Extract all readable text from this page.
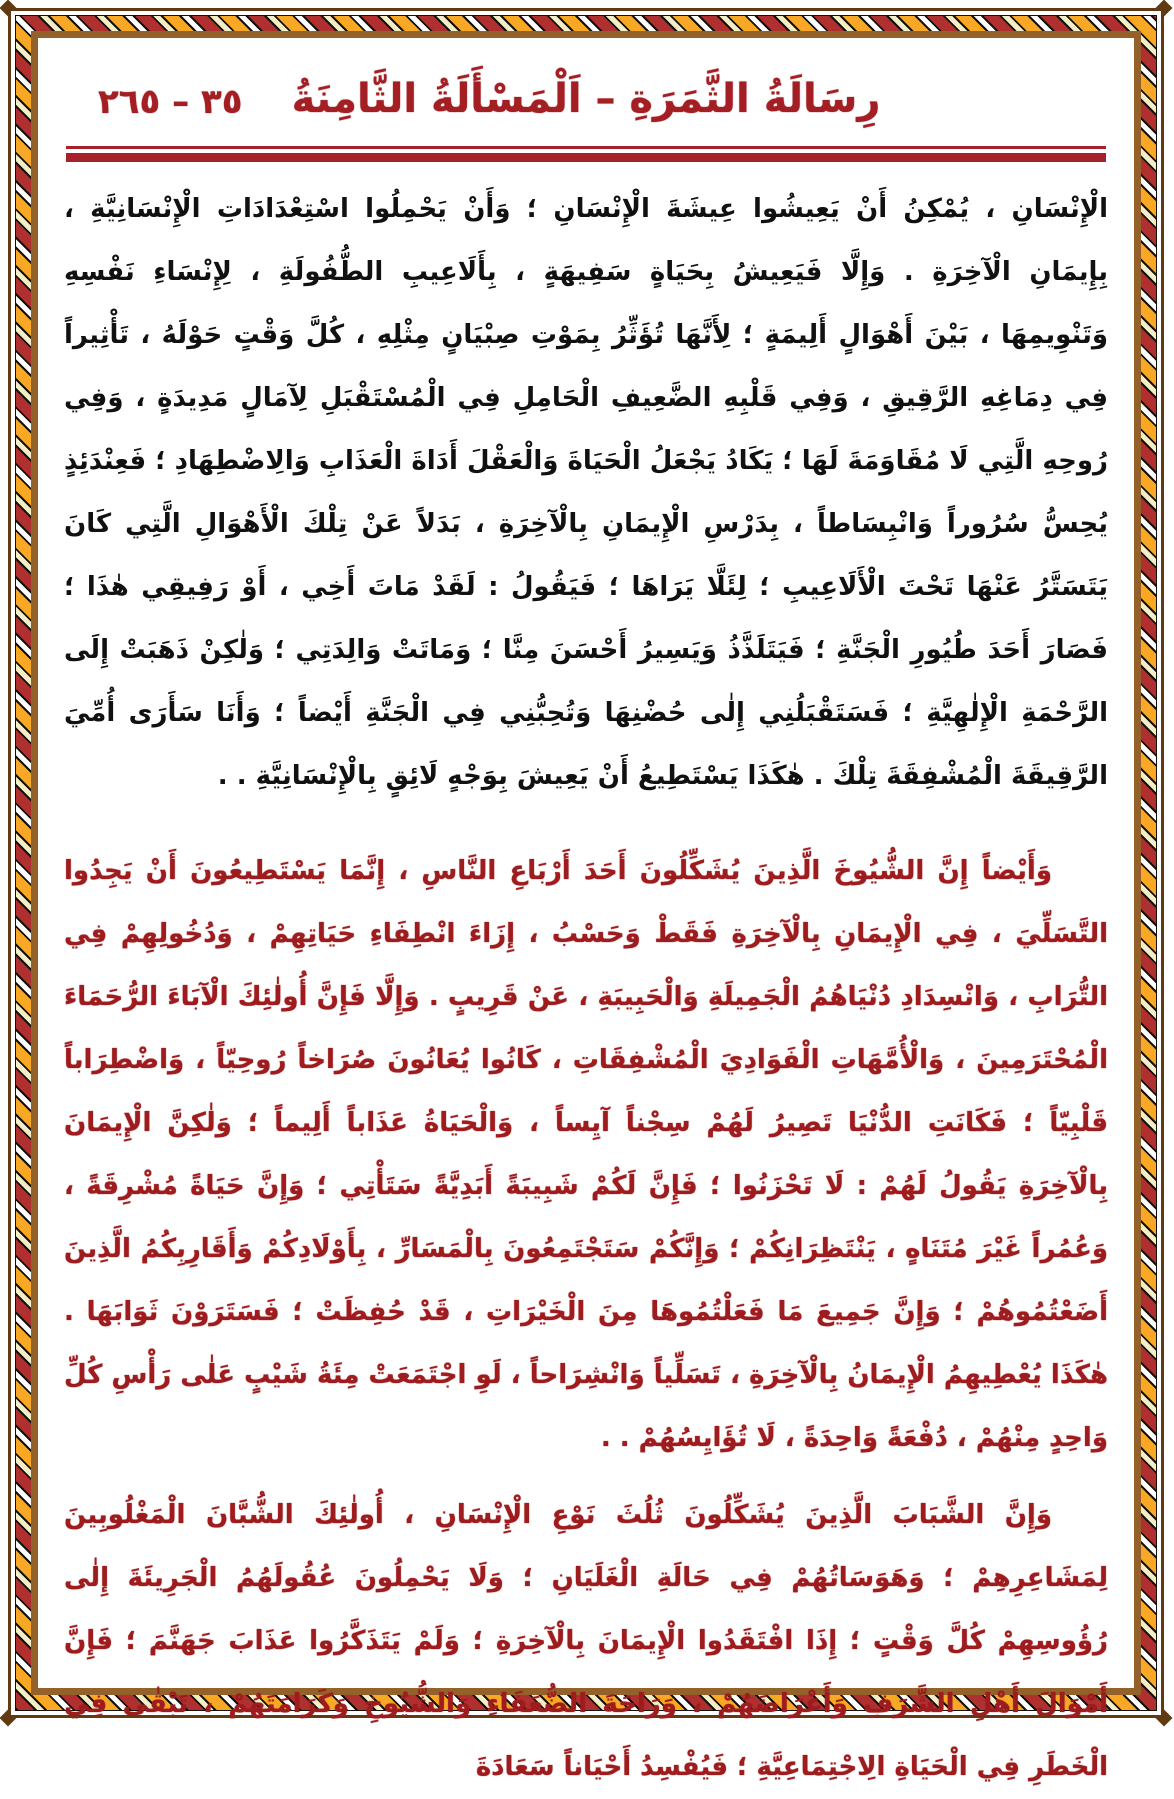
رِسَالَةُ الثَّمَرَةِ – اَلْمَسْأَلَةُ الثَّامِنَةُ
٣٥ – ٢٦٥

الْإِنْسَانِ ، يُمْكِنُ أَنْ يَعِيشُوا عِيشَةَ الْإِنْسَانِ ؛ وَأَنْ يَحْمِلُوا اسْتِعْدَادَاتِ الْإِنْسَانِيَّةِ ، بِإِيمَانِ الْآخِرَةِ . وَإِلَّا فَيَعِيشُ بِحَيَاةٍ سَفِيهَةٍ ، بِأَلَاعِيبِ الطُّفُولَةِ ، لِإِنْسَاءِ نَفْسِهِ وَتَنْوِيمِهَا ، بَيْنَ أَهْوَالٍ أَلِيمَةٍ ؛ لِأَنَّهَا تُؤَثِّرُ بِمَوْتِ صِبْيَانٍ مِثْلِهِ ، كُلَّ وَقْتٍ حَوْلَهُ ، تَأْثِيراً فِي دِمَاغِهِ الرَّقِيقِ ، وَفِي قَلْبِهِ الضَّعِيفِ الْحَامِلِ فِي الْمُسْتَقْبَلِ لِآمَالٍ مَدِيدَةٍ ، وَفِي رُوحِهِ الَّتِي لَا مُقَاوَمَةَ لَهَا ؛ يَكَادُ يَجْعَلُ الْحَيَاةَ وَالْعَقْلَ أَدَاةَ الْعَذَابِ وَالِاضْطِهَادِ ؛ فَعِنْدَئِذٍ يُحِسُّ سُرُوراً وَانْبِسَاطاً ، بِدَرْسِ الْإِيمَانِ بِالْآخِرَةِ ، بَدَلاً عَنْ تِلْكَ الْأَهْوَالِ الَّتِي كَانَ يَتَسَتَّرُ عَنْهَا تَحْتَ الْأَلَاعِيبِ ؛ لِئَلَّا يَرَاهَا ؛ فَيَقُولُ : لَقَدْ مَاتَ أَخِي ، أَوْ رَفِيقِي هٰذَا ؛ فَصَارَ أَحَدَ طُيُورِ الْجَنَّةِ ؛ فَيَتَلَذَّذُ وَيَسِيرُ أَحْسَنَ مِنَّا ؛ وَمَاتَتْ وَالِدَتِي ؛ وَلٰكِنْ ذَهَبَتْ إِلَى الرَّحْمَةِ الْإِلٰهِيَّةِ ؛ فَسَتَقْبَلُنِي إِلٰى حُضْنِهَا وَتُحِبُّنِي فِي الْجَنَّةِ أَيْضاً ؛ وَأَنَا سَأَرَى أُمِّيَ الرَّقِيقَةَ الْمُشْفِقَةَ تِلْكَ . هٰكَذَا يَسْتَطِيعُ أَنْ يَعِيشَ بِوَجْهٍ لَائِقٍ بِالْإِنْسَانِيَّةِ . .

وَأَيْضاً إِنَّ الشُّيُوخَ الَّذِينَ يُشَكِّلُونَ أَحَدَ أَرْبَاعِ النَّاسِ ، إِنَّمَا يَسْتَطِيعُونَ أَنْ يَجِدُوا التَّسَلِّيَ ، فِي الْإِيمَانِ بِالْآخِرَةِ فَقَطْ وَحَسْبُ ، إِزَاءَ انْطِفَاءِ حَيَاتِهِمْ ، وَدُخُولِهِمْ فِي التُّرَابِ ، وَانْسِدَادِ دُنْيَاهُمُ الْجَمِيلَةِ وَالْحَبِيبَةِ ، عَنْ قَرِيبٍ . وَإِلَّا فَإِنَّ أُولٰئِكَ الْآبَاءَ الرُّحَمَاءَ الْمُحْتَرَمِينَ ، وَالْأُمَّهَاتِ الْفَوَادِيَ الْمُشْفِقَاتِ ، كَانُوا يُعَانُونَ صُرَاخاً رُوحِيّاً ، وَاضْطِرَاباً قَلْبِيّاً ؛ فَكَانَتِ الدُّنْيَا تَصِيرُ لَهُمْ سِجْناً آيِساً ، وَالْحَيَاةُ عَذَاباً أَلِيماً ؛ وَلٰكِنَّ الْإِيمَانَ بِالْآخِرَةِ يَقُولُ لَهُمْ : لَا تَحْزَنُوا ؛ فَإِنَّ لَكُمْ شَبِيبَةً أَبَدِيَّةً سَتَأْتِي ؛ وَإِنَّ حَيَاةً مُشْرِقَةً ، وَعُمُراً غَيْرَ مُتَنَاهٍ ، يَنْتَظِرَانِكُمْ ؛ وَإِنَّكُمْ سَتَجْتَمِعُونَ بِالْمَسَارِّ ، بِأَوْلَادِكُمْ وَأَقَارِبِكُمُ الَّذِينَ أَضَعْتُمُوهُمْ ؛ وَإِنَّ جَمِيعَ مَا فَعَلْتُمُوهَا مِنَ الْخَيْرَاتِ ، قَدْ حُفِظَتْ ؛ فَسَتَرَوْنَ ثَوَابَهَا . هٰكَذَا يُعْطِيهِمُ الْإِيمَانُ بِالْآخِرَةِ ، تَسَلِّياً وَانْشِرَاحاً ، لَوِ اجْتَمَعَتْ مِئَةُ شَيْبٍ عَلٰى رَأْسِ كُلِّ وَاحِدٍ مِنْهُمْ ، دُفْعَةً وَاحِدَةً ، لَا تُؤَايِسُهُمْ . .

وَإِنَّ الشَّبَابَ الَّذِينَ يُشَكِّلُونَ ثُلُثَ نَوْعِ الْإِنْسَانِ ، أُولٰئِكَ الشُّبَّانَ الْمَغْلُوبِينَ لِمَشَاعِرِهِمْ ؛ وَهَوَسَاتُهُمْ فِي حَالَةِ الْغَلَيَانِ ؛ وَلَا يَحْمِلُونَ عُقُولَهُمُ الْجَرِيئَةَ إِلٰى رُؤُوسِهِمْ كُلَّ وَقْتٍ ؛ إِذَا افْتَقَدُوا الْإِيمَانَ بِالْآخِرَةِ ؛ وَلَمْ يَتَذَكَّرُوا عَذَابَ جَهَنَّمَ ؛ فَإِنَّ أَمْوَالَ أَهْلِ الشَّرَفِ وَأَعْرَاضَهُمْ ، وَرَاحَةَ الضُّعَفَاءِ وَالشُّيُوخِ وَكَرَامَتَهُمْ ، تَبْقٰى فِي الْخَطَرِ فِي الْحَيَاةِ الِاجْتِمَاعِيَّةِ ؛ فَيُفْسِدُ أَحْيَاناً سَعَادَةَ
